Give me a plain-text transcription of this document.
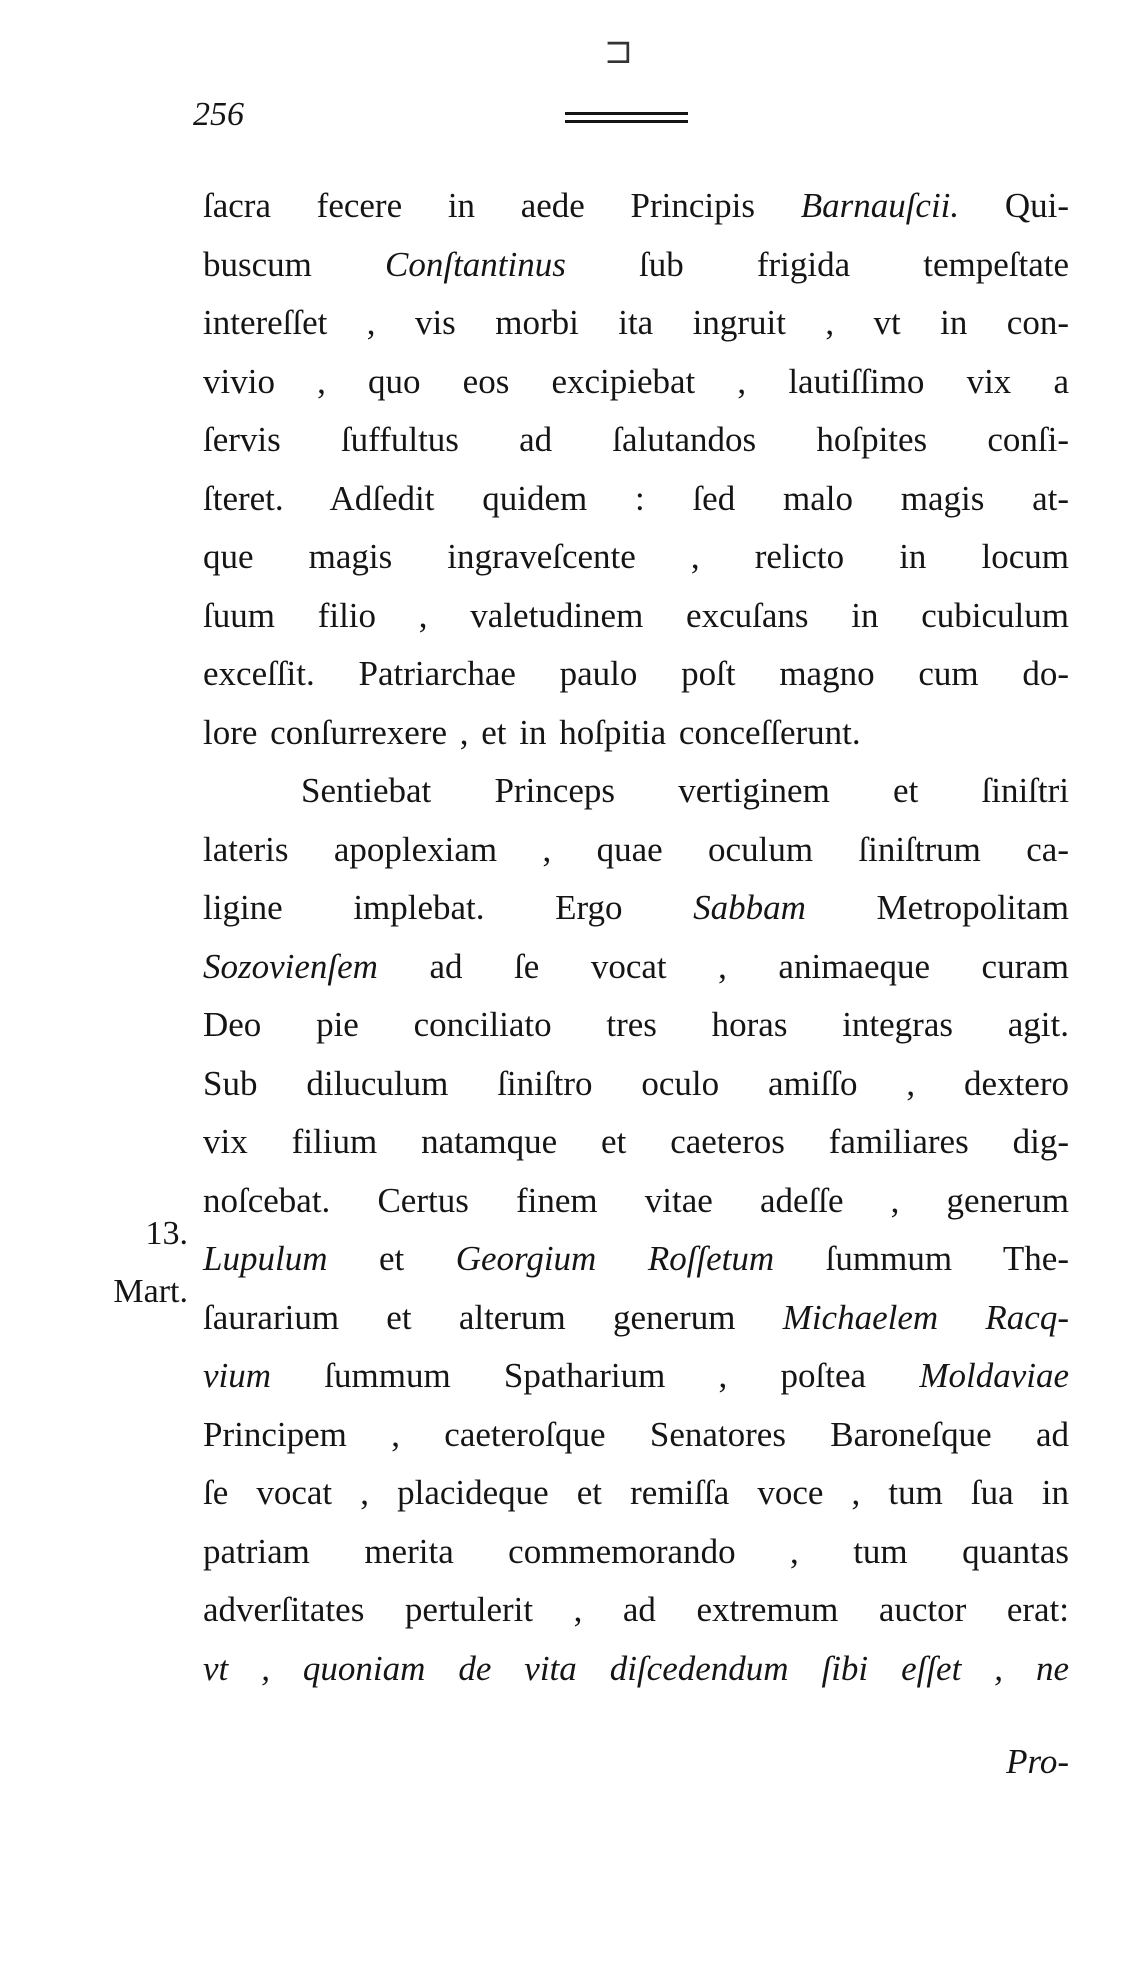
⊐
256
13.
Mart.
ſacra fecere in aede Principis Barnauſcii. Qui-
buscum Conſtantinus ſub frigida tempeſtate
intereſſet , vis morbi ita ingruit , vt in con-
vivio , quo eos excipiebat , lautiſſimo vix a
ſervis ſuffultus ad ſalutandos hoſpites conſi-
ſteret. Adſedit quidem : ſed malo magis at-
que magis ingraveſcente , relicto in locum
ſuum filio , valetudinem excuſans in cubiculum
exceſſit. Patriarchae paulo poſt magno cum do-
lore conſurrexere , et in hoſpitia conceſſerunt.
Sentiebat Princeps vertiginem et ſiniſtri
lateris apoplexiam , quae oculum ſiniſtrum ca-
ligine implebat. Ergo Sabbam Metropolitam
Sozovienſem ad ſe vocat , animaeque curam
Deo pie conciliato tres horas integras agit.
Sub diluculum ſiniſtro oculo amiſſo , dextero
vix filium natamque et caeteros familiares dig-
noſcebat. Certus finem vitae adeſſe , generum
Lupulum et Georgium Roſſetum ſummum The-
ſaurarium et alterum generum Michaelem Racq-
vium ſummum Spatharium , poſtea Moldaviae
Principem , caeteroſque Senatores Baroneſque ad
ſe vocat , placideque et remiſſa voce , tum ſua in
patriam merita commemorando , tum quantas
adverſitates pertulerit , ad extremum auctor erat:
vt , quoniam de vita diſcedendum ſibi eſſet , ne
Pro-
